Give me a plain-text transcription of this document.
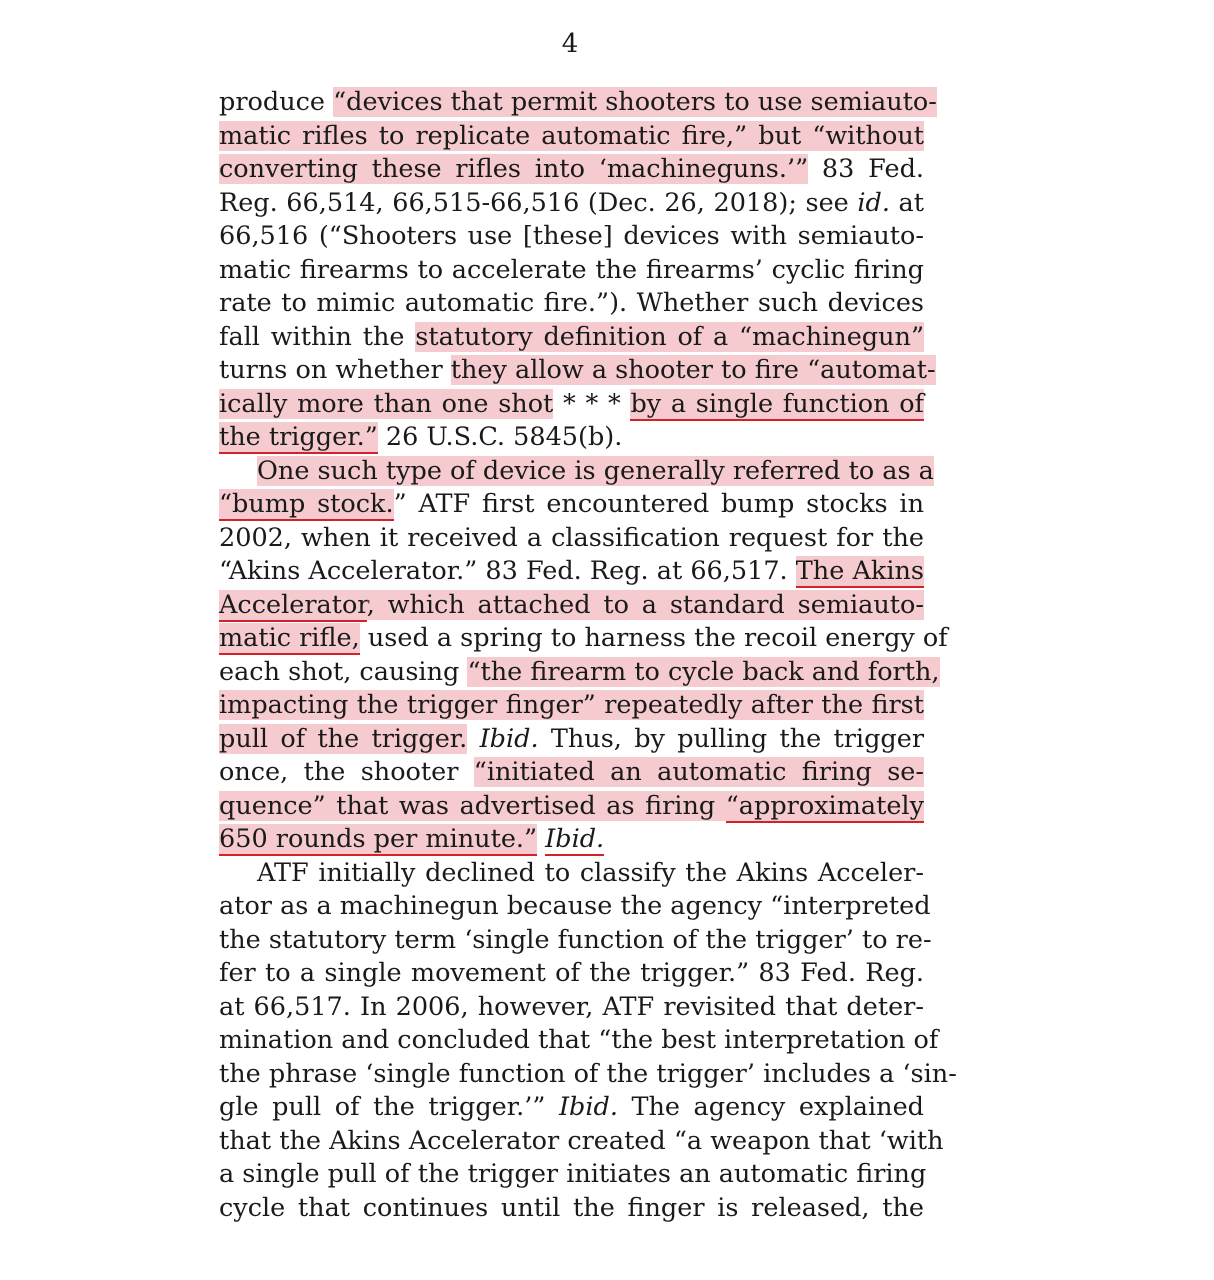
4
produce “devices that permit shooters to use semiauto-
matic rifles to replicate automatic fire,” but “without
converting these rifles into ‘machineguns.’” 83 Fed.
Reg. 66,514, 66,515-66,516 (Dec. 26, 2018); see id. at
66,516 (“Shooters use [these] devices with semiauto-
matic firearms to accelerate the firearms’ cyclic firing
rate to mimic automatic fire.”). Whether such devices
fall within the statutory definition of a “machinegun”
turns on whether they allow a shooter to fire “automat-
ically more than one shot * * * by a single function of
the trigger.” 26 U.S.C. 5845(b).
One such type of device is generally referred to as a
“bump stock.” ATF first encountered bump stocks in
2002, when it received a classification request for the
“Akins Accelerator.” 83 Fed. Reg. at 66,517. The Akins
Accelerator, which attached to a standard semiauto-
matic rifle, used a spring to harness the recoil energy of
each shot, causing “the firearm to cycle back and forth,
impacting the trigger finger” repeatedly after the first
pull of the trigger. Ibid. Thus, by pulling the trigger
once, the shooter “initiated an automatic firing se-
quence” that was advertised as firing “approximately
650 rounds per minute.” Ibid.
ATF initially declined to classify the Akins Acceler-
ator as a machinegun because the agency “interpreted
the statutory term ‘single function of the trigger’ to re-
fer to a single movement of the trigger.” 83 Fed. Reg.
at 66,517. In 2006, however, ATF revisited that deter-
mination and concluded that “the best interpretation of
the phrase ‘single function of the trigger’ includes a ‘sin-
gle pull of the trigger.’” Ibid. The agency explained
that the Akins Accelerator created “a weapon that ‘with
a single pull of the trigger initiates an automatic firing
cycle that continues until the finger is released, the
